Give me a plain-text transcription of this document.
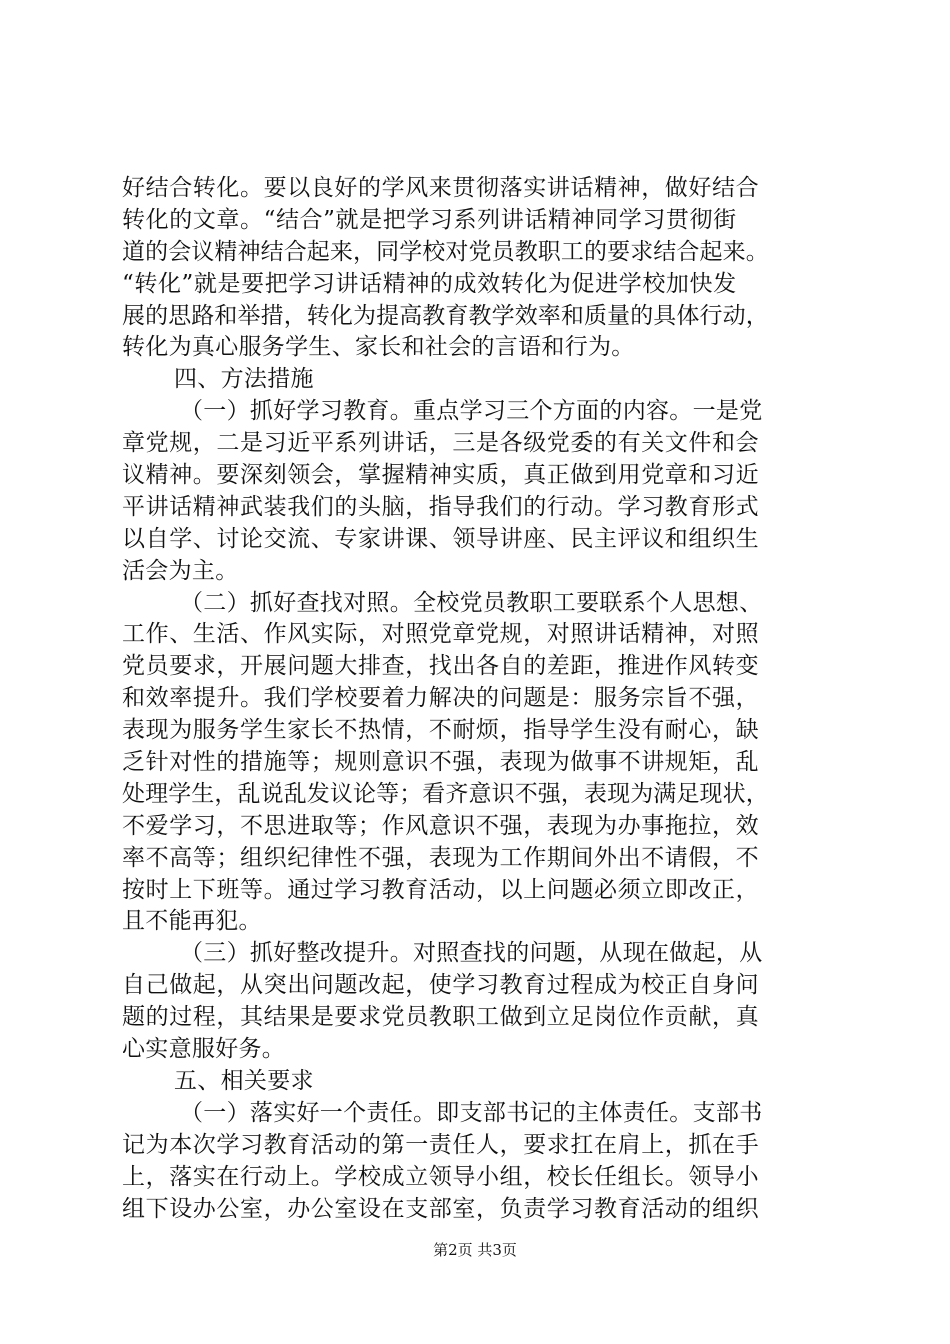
好结合转化。要以良好的学风来贯彻落实讲话精神，做好结合
转化的文章。“结合”就是把学习系列讲话精神同学习贯彻街
道的会议精神结合起来，同学校对党员教职工的要求结合起来。
“转化”就是要把学习讲话精神的成效转化为促进学校加快发
展的思路和举措，转化为提高教育教学效率和质量的具体行动，
转化为真心服务学生、家长和社会的言语和行为。
四、方法措施
（一）抓好学习教育。重点学习三个方面的内容。一是党
章党规，二是习近平系列讲话，三是各级党委的有关文件和会
议精神。要深刻领会，掌握精神实质，真正做到用党章和习近
平讲话精神武装我们的头脑，指导我们的行动。学习教育形式
以自学、讨论交流、专家讲课、领导讲座、民主评议和组织生
活会为主。
（二）抓好查找对照。全校党员教职工要联系个人思想、
工作、生活、作风实际，对照党章党规，对照讲话精神，对照
党员要求，开展问题大排查，找出各自的差距，推进作风转变
和效率提升。我们学校要着力解决的问题是：服务宗旨不强，
表现为服务学生家长不热情，不耐烦，指导学生没有耐心，缺
乏针对性的措施等；规则意识不强，表现为做事不讲规矩，乱
处理学生，乱说乱发议论等；看齐意识不强，表现为满足现状，
不爱学习，不思进取等；作风意识不强，表现为办事拖拉，效
率不高等；组织纪律性不强，表现为工作期间外出不请假，不
按时上下班等。通过学习教育活动，以上问题必须立即改正，
且不能再犯。
（三）抓好整改提升。对照查找的问题，从现在做起，从
自己做起，从突出问题改起，使学习教育过程成为校正自身问
题的过程，其结果是要求党员教职工做到立足岗位作贡献，真
心实意服好务。
五、相关要求
（一）落实好一个责任。即支部书记的主体责任。支部书
记为本次学习教育活动的第一责任人，要求扛在肩上，抓在手
上，落实在行动上。学校成立领导小组，校长任组长。领导小
组下设办公室，办公室设在支部室，负责学习教育活动的组织
第2页 共3页
